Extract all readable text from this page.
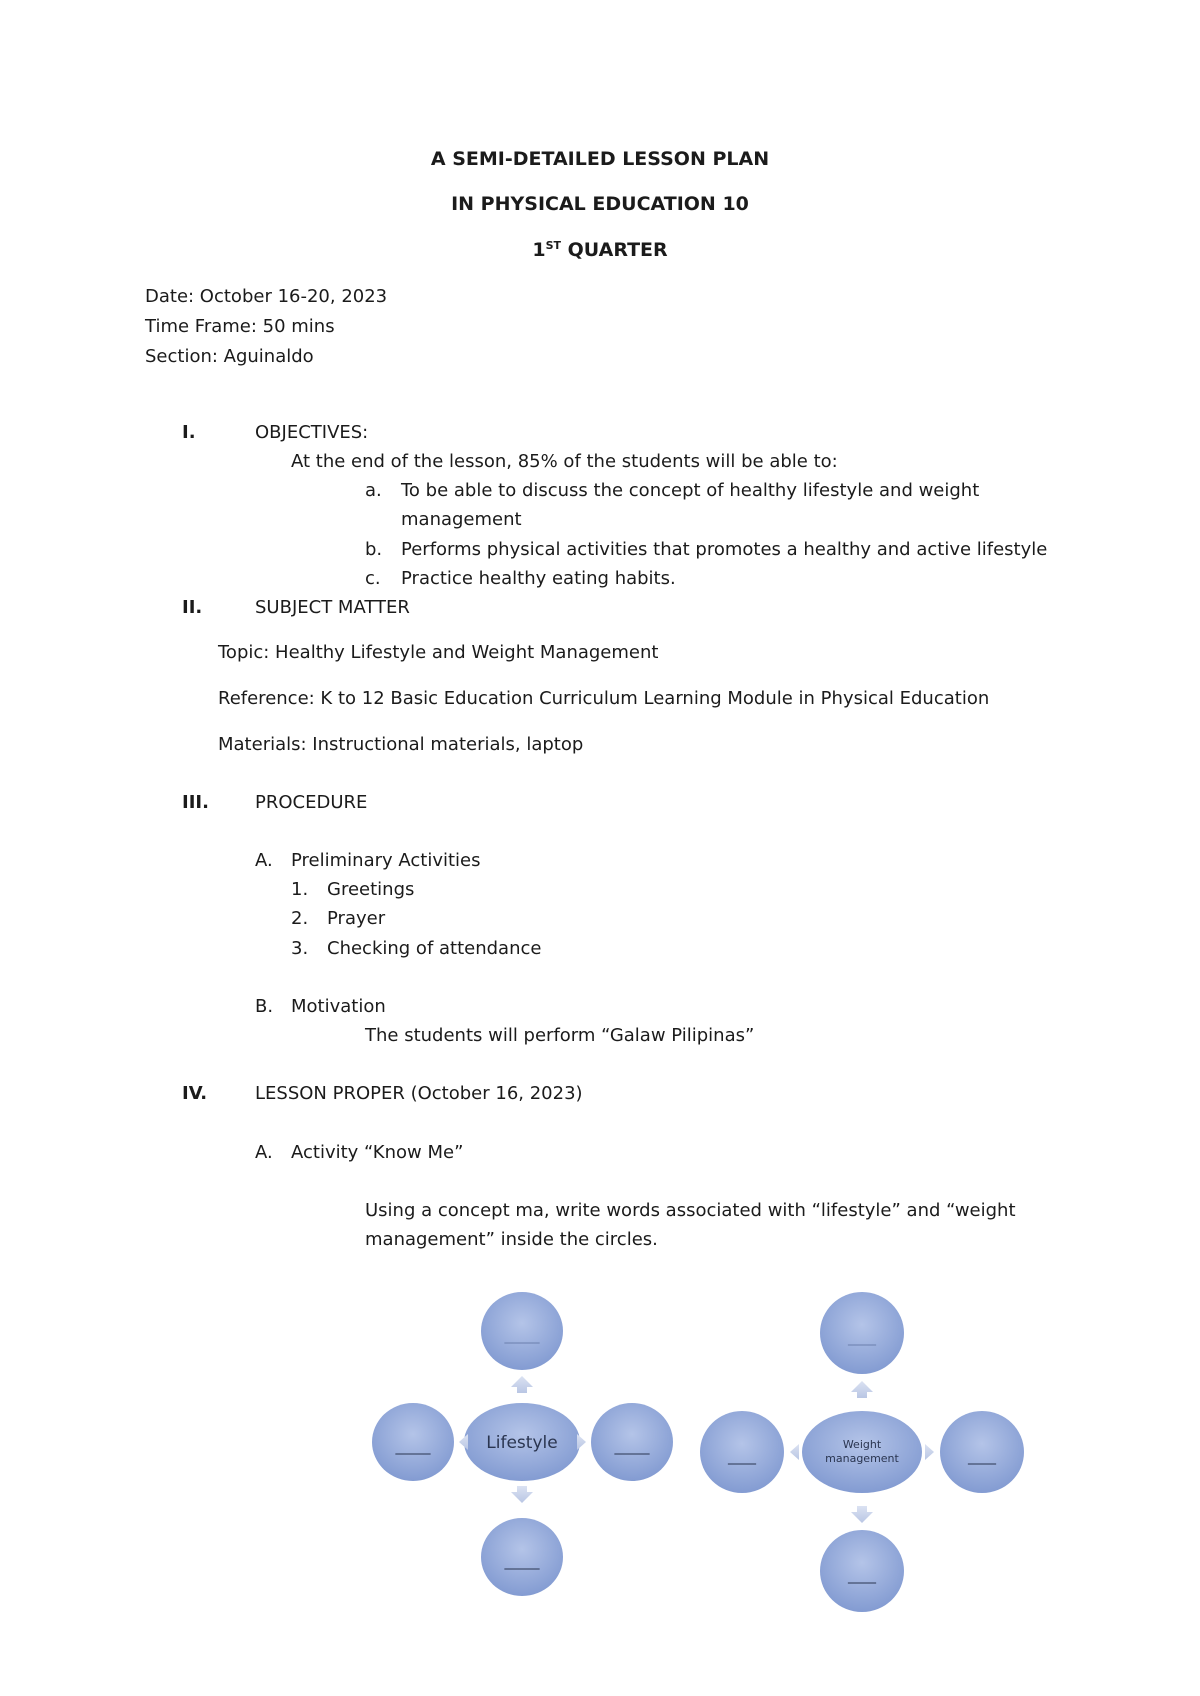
A SEMI-DETAILED LESSON PLAN
IN PHYSICAL EDUCATION 10
1ST QUARTER
Date: October 16-20, 2023
Time Frame: 50 mins
Section: Aguinaldo
I.	OBJECTIVES:
At the end of the lesson, 85% of the students will be able to:
a. To be able to discuss the concept of healthy lifestyle and weight
management
b. Performs physical activities that promotes a healthy and active lifestyle
c. Practice healthy eating habits.
II.	SUBJECT MATTER
Topic: Healthy Lifestyle and Weight Management
Reference: K to 12 Basic Education Curriculum Learning Module in Physical Education
Materials: Instructional materials, laptop
III.	PROCEDURE
A. Preliminary Activities
1. Greetings
2. Prayer
3. Checking of attendance
B. Motivation
The students will perform “Galaw Pilipinas”
IV.	LESSON PROPER (October 16, 2023)
A. Activity “Know Me”
Using a concept ma, write words associated with “lifestyle” and “weight
management” inside the circles.
_____
_____	Lifestyle	_____
_____
____
____
Weight
management	____
____
